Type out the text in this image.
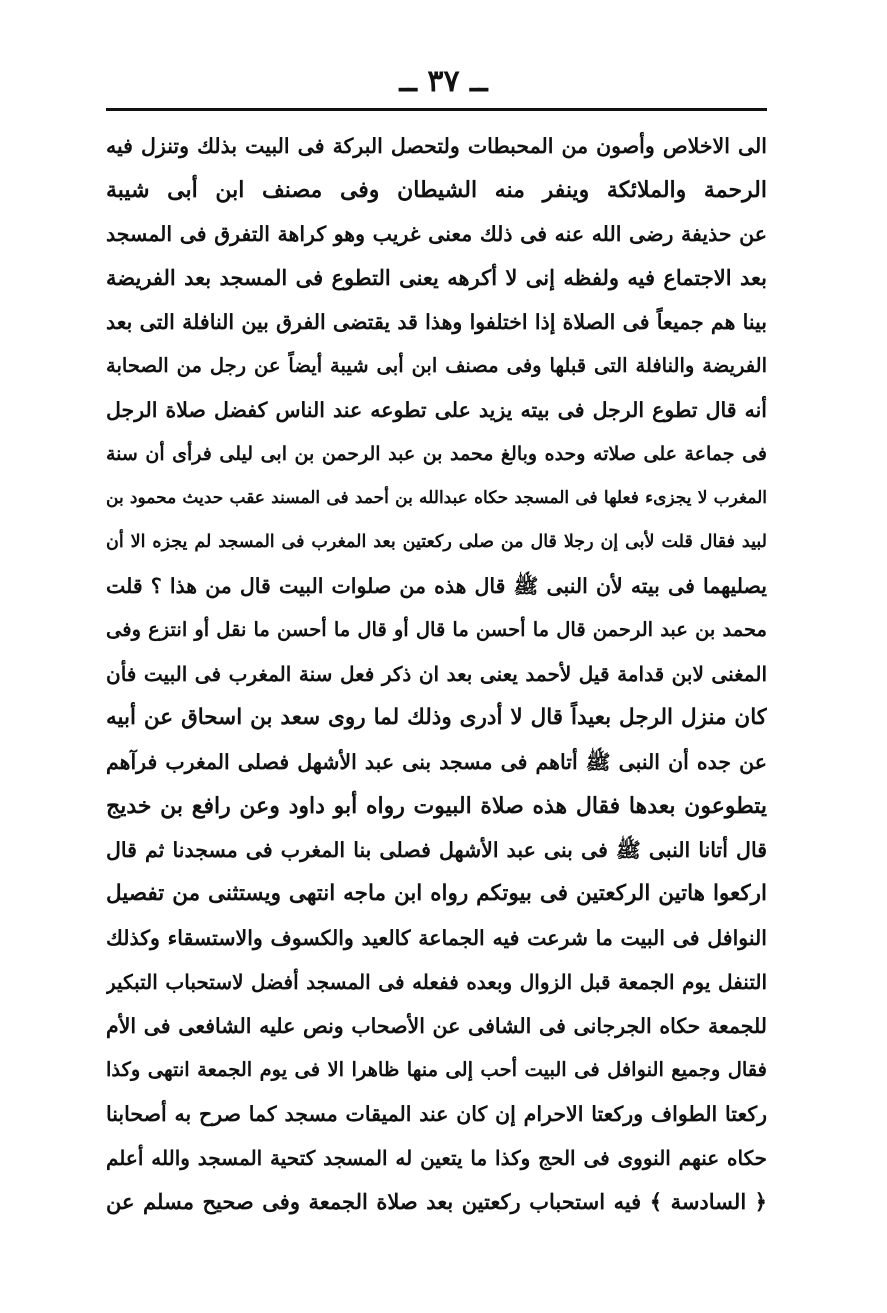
ــ ٣٧ ــ
الى الاخلاص وأصون من المحبطات ولتحصل البركة فى البيت بذلك وتنزل فيه
الرحمة والملائكة وينفر منه الشيطان وفى مصنف ابن أبى شيبة
عن حذيفة رضى الله عنه فى ذلك معنى غريب وهو كراهة التفرق فى المسجد
بعد الاجتماع فيه ولفظه إنى لا أكرهه يعنى التطوع فى المسجد بعد الفريضة
بينا هم جميعاً فى الصلاة إذا اختلفوا وهذا قد يقتضى الفرق بين النافلة التى بعد
الفريضة والنافلة التى قبلها وفى مصنف ابن أبى شيبة أيضاً عن رجل من الصحابة
أنه قال تطوع الرجل فى بيته يزيد على تطوعه عند الناس كفضل صلاة الرجل
فى جماعة على صلاته وحده وبالغ محمد بن عبد الرحمن بن ابى ليلى فرأى أن سنة
المغرب لا يجزىء فعلها فى المسجد حكاه عبدالله بن أحمد فى المسند عقب حديث محمود بن
لبيد فقال قلت لأبى إن رجلا قال من صلى ركعتين بعد المغرب فى المسجد لم يجزه الا أن
يصليهما فى بيته لأن النبى ﷺ قال هذه من صلوات البيت قال من هذا ؟ قلت
محمد بن عبد الرحمن قال ما أحسن ما قال أو قال ما أحسن ما نقل أو انتزع وفى
المغنى لابن قدامة قيل لأحمد يعنى بعد ان ذكر فعل سنة المغرب فى البيت فأن
كان منزل الرجل بعيداً قال لا أدرى وذلك لما روى سعد بن اسحاق عن أبيه
عن جده أن النبى ﷺ أتاهم فى مسجد بنى عبد الأشهل فصلى المغرب فرآهم
يتطوعون بعدها فقال هذه صلاة البيوت رواه أبو داود وعن رافع بن خديج
قال أتانا النبى ﷺ فى بنى عبد الأشهل فصلى بنا المغرب فى مسجدنا ثم قال
اركعوا هاتين الركعتين فى بيوتكم رواه ابن ماجه انتهى ويستثنى من تفصيل
النوافل فى البيت ما شرعت فيه الجماعة كالعيد والكسوف والاستسقاء وكذلك
التنفل يوم الجمعة قبل الزوال وبعده ففعله فى المسجد أفضل لاستحباب التبكير
للجمعة حكاه الجرجانى فى الشافى عن الأصحاب ونص عليه الشافعى فى الأم
فقال وجميع النوافل فى البيت أحب إلى منها ظاهرا الا فى يوم الجمعة انتهى وكذا
ركعتا الطواف وركعتا الاحرام إن كان عند الميقات مسجد كما صرح به أصحابنا
حكاه عنهم النووى فى الحج وكذا ما يتعين له المسجد كتحية المسجد والله أعلم
﴿ السادسة ﴾ فيه استحباب ركعتين بعد صلاة الجمعة وفى صحيح مسلم عن
